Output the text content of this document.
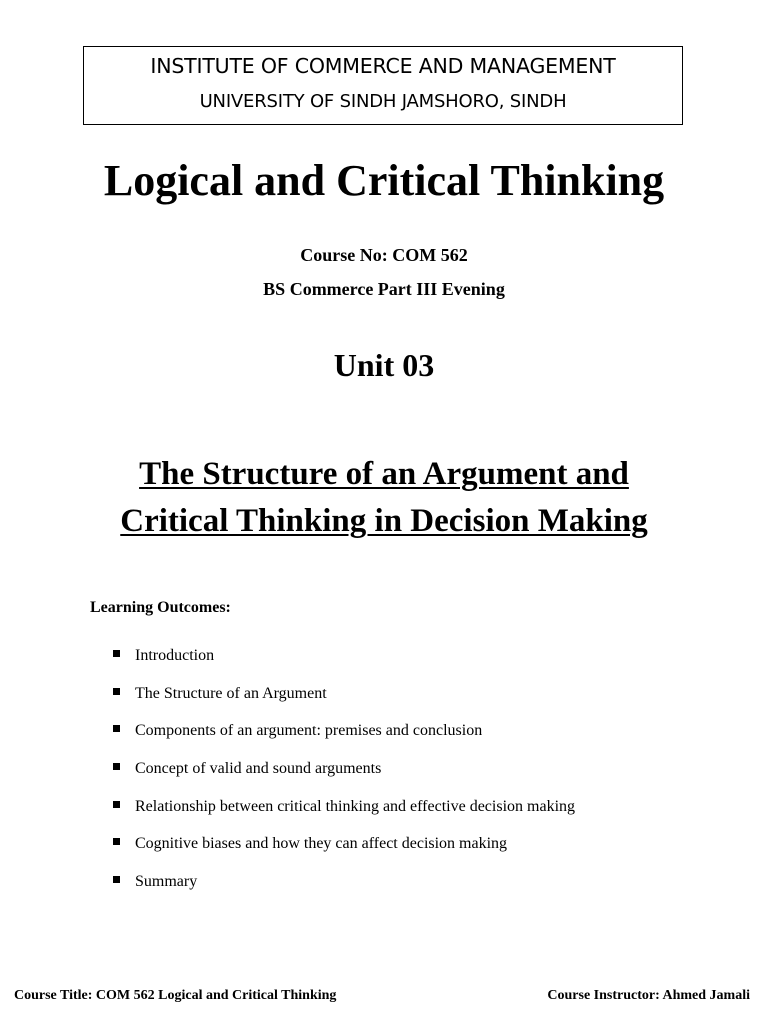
INSTITUTE OF COMMERCE AND MANAGEMENT
UNIVERSITY OF SINDH JAMSHORO, SINDH
Logical and Critical Thinking
Course No: COM 562
BS Commerce Part III Evening
Unit 03
The Structure of an Argument and
Critical Thinking in Decision Making
Learning Outcomes:
Introduction
The Structure of an Argument
Components of an argument: premises and conclusion
Concept of valid and sound arguments
Relationship between critical thinking and effective decision making
Cognitive biases and how they can affect decision making
Summary
Course Title: COM 562 Logical and Critical Thinking	Course Instructor: Ahmed Jamali
